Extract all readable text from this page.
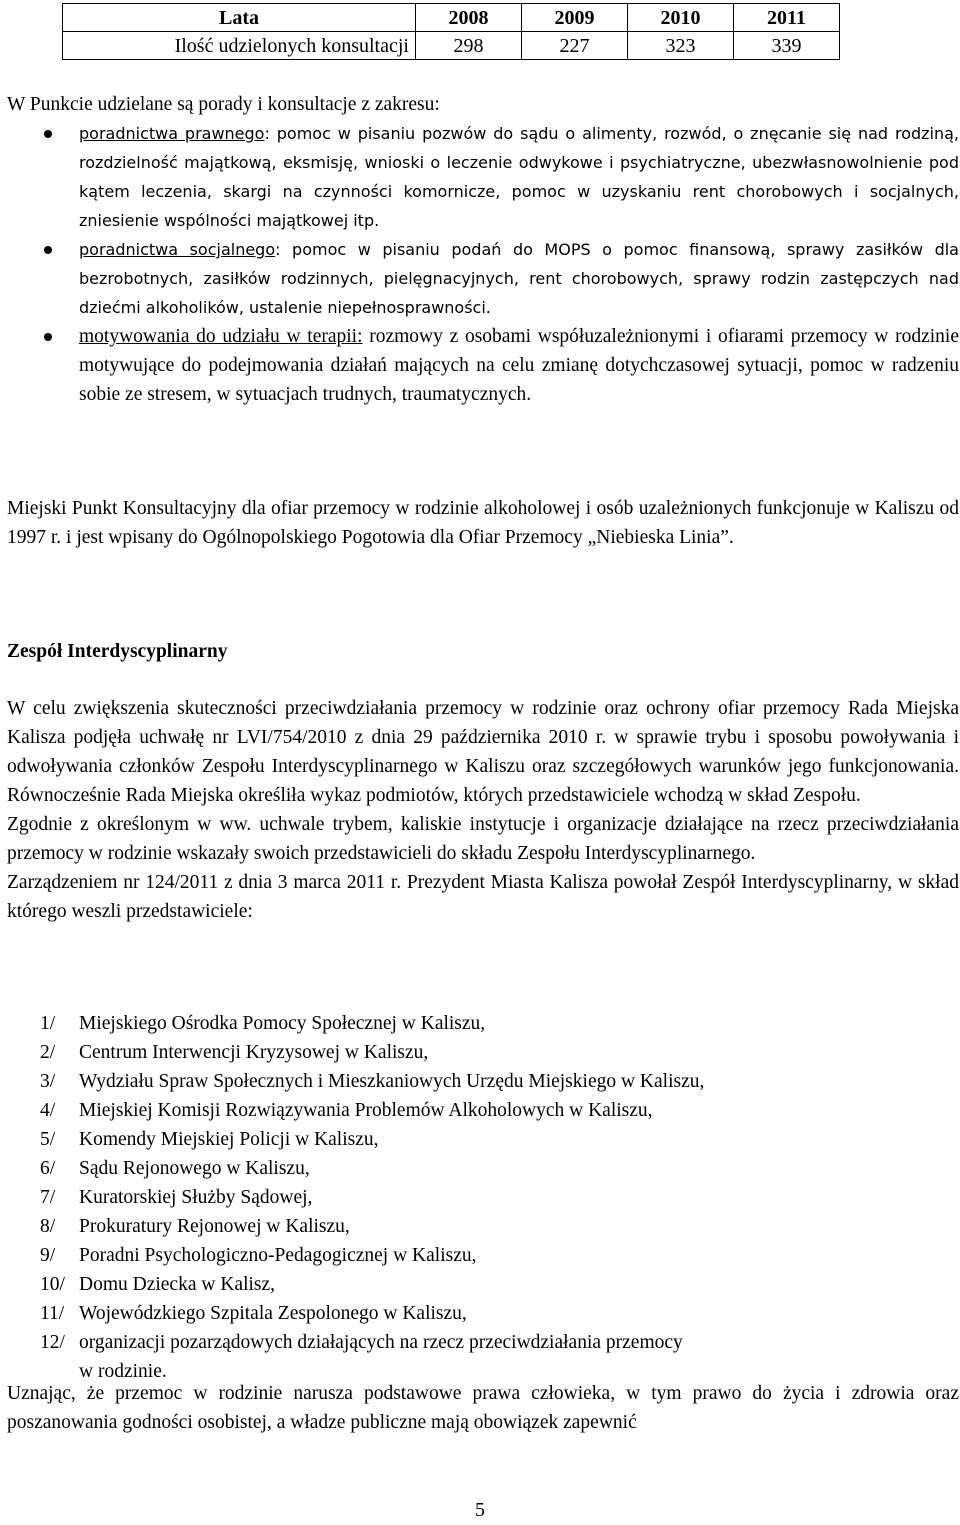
Lata	2008	2009	2010	2011
Ilość udzielonych konsultacji	298	227	323	339
W Punkcie udzielane są porady i konsultacje z zakresu:
poradnictwa prawnego: pomoc w pisaniu pozwów do sądu o alimenty, rozwód, o znęcanie się nad rodziną, rozdzielność majątkową, eksmisję, wnioski o leczenie odwykowe i psychiatryczne, ubezwłasnowolnienie pod kątem leczenia, skargi na czynności komornicze, pomoc w uzyskaniu rent chorobowych i socjalnych, zniesienie wspólności majątkowej itp.
poradnictwa socjalnego: pomoc w pisaniu podań do MOPS o pomoc finansową, sprawy zasiłków dla bezrobotnych, zasiłków rodzinnych, pielęgnacyjnych, rent chorobowych, sprawy rodzin zastępczych nad dziećmi alkoholików, ustalenie niepełnosprawności.
motywowania do udziału w terapii: rozmowy z osobami współuzależnionymi i ofiarami przemocy w rodzinie motywujące do podejmowania działań mających na celu zmianę dotychczasowej sytuacji, pomoc w radzeniu sobie ze stresem, w sytuacjach trudnych, traumatycznych.
Miejski Punkt Konsultacyjny dla ofiar przemocy w rodzinie alkoholowej i osób uzależnionych funkcjonuje w Kaliszu od 1997 r. i jest wpisany do Ogólnopolskiego Pogotowia dla Ofiar Przemocy „Niebieska Linia”.
Zespół Interdyscyplinarny
W celu zwiększenia skuteczności przeciwdziałania przemocy w rodzinie oraz ochrony ofiar przemocy Rada Miejska Kalisza podjęła uchwałę nr LVI/754/2010 z dnia 29 października 2010 r. w sprawie trybu i sposobu powoływania i odwoływania członków Zespołu Interdyscyplinarnego w Kaliszu oraz szczegółowych warunków jego funkcjonowania. Równocześnie Rada Miejska określiła wykaz podmiotów, których przedstawiciele wchodzą w skład Zespołu.
Zgodnie z określonym w ww. uchwale trybem, kaliskie instytucje i organizacje działające na rzecz przeciwdziałania przemocy w rodzinie wskazały swoich przedstawicieli do składu Zespołu Interdyscyplinarnego.
Zarządzeniem nr 124/2011 z dnia 3 marca 2011 r. Prezydent Miasta Kalisza powołał Zespół Interdyscyplinarny, w skład którego weszli przedstawiciele:
1/	Miejskiego Ośrodka Pomocy Społecznej w Kaliszu,
2/	Centrum Interwencji Kryzysowej w Kaliszu,
3/	Wydziału Spraw Społecznych i Mieszkaniowych Urzędu Miejskiego w Kaliszu,
4/	Miejskiej Komisji Rozwiązywania Problemów Alkoholowych w Kaliszu,
5/	Komendy Miejskiej Policji w Kaliszu,
6/	Sądu Rejonowego w Kaliszu,
7/	Kuratorskiej Służby Sądowej,
8/	Prokuratury Rejonowej w Kaliszu,
9/	Poradni Psychologiczno-Pedagogicznej w Kaliszu,
10/ Domu Dziecka w Kalisz,
11/ Wojewódzkiego Szpitala Zespolonego w Kaliszu,
12/ organizacji pozarządowych działających na rzecz przeciwdziałania przemocy
w rodzinie.
Uznając, że przemoc w rodzinie narusza podstawowe prawa człowieka, w tym prawo do życia i zdrowia oraz poszanowania godności osobistej, a władze publiczne mają obowiązek zapewnić
5
